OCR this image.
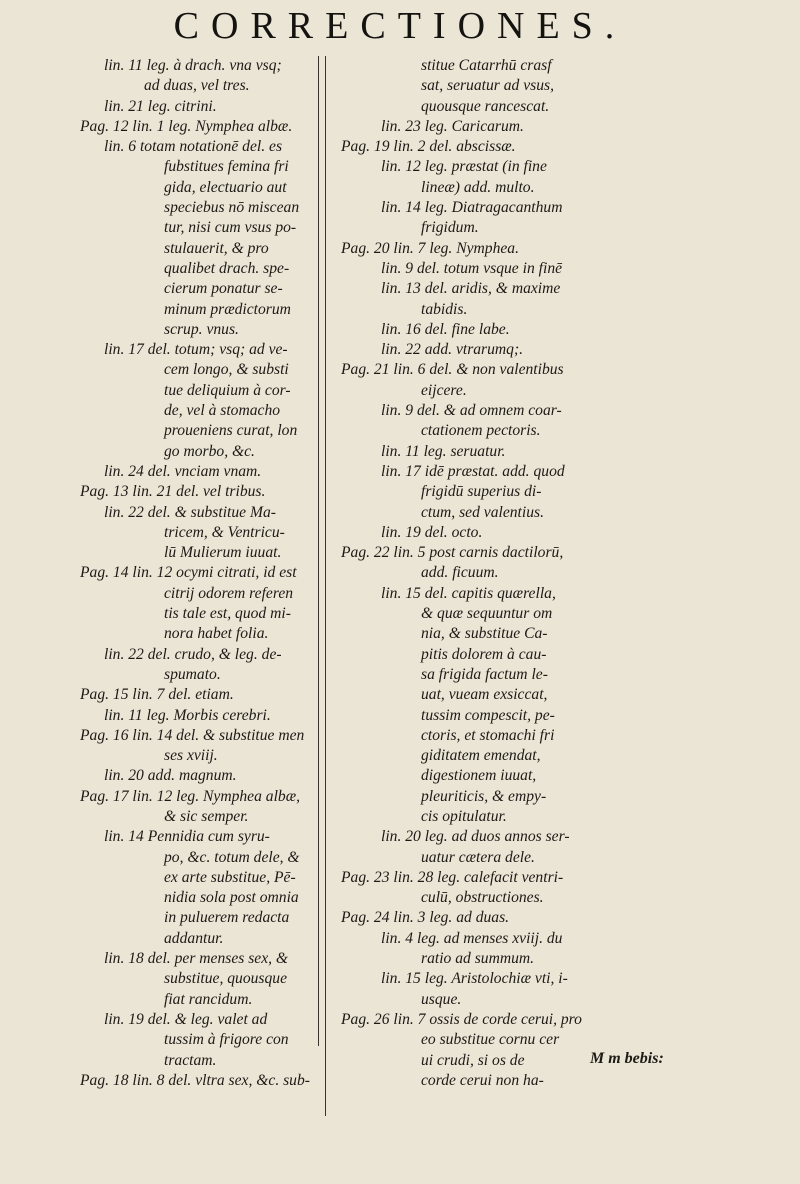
CORRECTIONES.
lin. 11 leg. à drach. vna vsq;
ad duas, vel tres.
lin. 21 leg. citrini.
Pag. 12 lin. 1 leg. Nymphea albæ.
lin. 6 totam notationē del. es
fubstitues femina fri
gida, electuario aut
speciebus nō miscean
tur, nisi cum vsus po-
stulauerit, & pro
qualibet drach. spe-
cierum ponatur se-
minum prædictorum
scrup. vnus.
lin. 17 del. totum; vsq; ad ve-
cem longo, & substi
tue deliquium à cor-
de, vel à stomacho
proueniens curat, lon
go morbo, &c.
lin. 24 del. vnciam vnam.
Pag. 13 lin. 21 del. vel tribus.
lin. 22 del. & substitue Ma-
tricem, & Ventricu-
lū Mulierum iuuat.
Pag. 14 lin. 12 ocymi citrati, id est
citrij odorem referen
tis tale est, quod mi-
nora habet folia.
lin. 22 del. crudo, & leg. de-
spumato.
Pag. 15 lin. 7 del. etiam.
lin. 11 leg. Morbis cerebri.
Pag. 16 lin. 14 del. & substitue men
ses xviij.
lin. 20 add. magnum.
Pag. 17 lin. 12 leg. Nymphea albæ,
& sic semper.
lin. 14 Pennidia cum syru-
po, &c. totum dele, &
ex arte substitue, Pē-
nidia sola post omnia
in puluerem redacta
addantur.
lin. 18 del. per menses sex, &
substitue, quousque
fiat rancidum.
lin. 19 del. & leg. valet ad
tussim à frigore con
tractam.
Pag. 18 lin. 8 del. vltra sex, &c. sub-
stitue Catarrhū crasf
sat, seruatur ad vsus,
quousque rancescat.
lin. 23 leg. Caricarum.
Pag. 19 lin. 2 del. abscissæ.
lin. 12 leg. præstat (in fine
lineæ) add. multo.
lin. 14 leg. Diatragacanthum
frigidum.
Pag. 20 lin. 7 leg. Nymphea.
lin. 9 del. totum vsque in finē
lin. 13 del. aridis, & maxime
tabidis.
lin. 16 del. fine labe.
lin. 22 add. vtrarumq;.
Pag. 21 lin. 6 del. & non valentibus
eijcere.
lin. 9 del. & ad omnem coar-
ctationem pectoris.
lin. 11 leg. seruatur.
lin. 17 idē præstat. add. quod
frigidū superius di-
ctum, sed valentius.
lin. 19 del. octo.
Pag. 22 lin. 5 post carnis dactilorū,
add. ficuum.
lin. 15 del. capitis quærella,
& quæ sequuntur om
nia, & substitue Ca-
pitis dolorem à cau-
sa frigida factum le-
uat, vueam exsiccat,
tussim compescit, pe-
ctoris, et stomachi fri
giditatem emendat,
digestionem iuuat,
pleuriticis, & empy-
cis opitulatur.
lin. 20 leg. ad duos annos ser-
uatur cætera dele.
Pag. 23 lin. 28 leg. calefacit ventri-
culū, obstructiones.
Pag. 24 lin. 3 leg. ad duas.
lin. 4 leg. ad menses xviij. du
ratio ad summum.
lin. 15 leg. Aristolochiæ vti, i-
usque.
Pag. 26 lin. 7 ossis de corde cerui, pro
eo substitue cornu cer
ui crudi, si os de
corde cerui non ha-
M m bebis:
